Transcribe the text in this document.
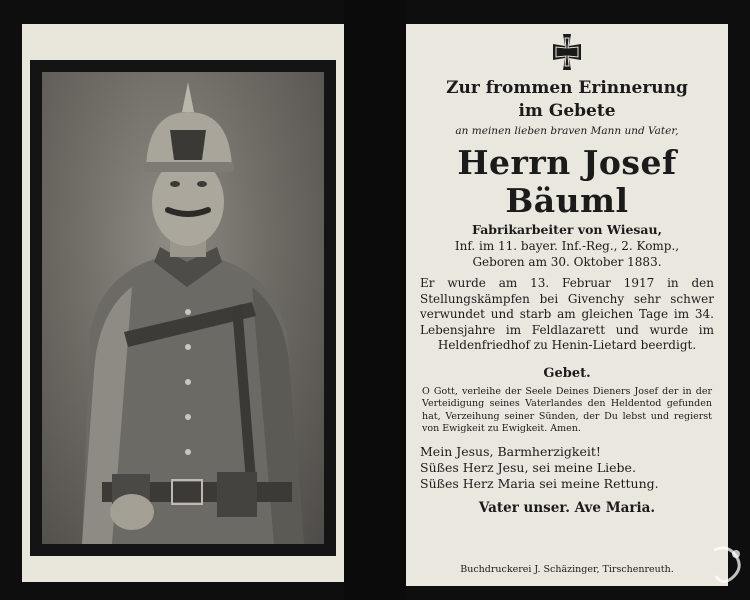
Zur frommen Erinnerung
im Gebete
an meinen lieben braven Mann und Vater,
Herrn Josef Bäuml
Fabrikarbeiter von Wiesau,
Inf. im 11. bayer. Inf.-Reg., 2. Komp.,
Geboren am 30. Oktober 1883.
Er wurde am 13. Februar 1917 in den Stellungskämpfen bei Givenchy sehr schwer verwundet und starb am gleichen Tage im 34. Lebensjahre im Feldlazarett und wurde im Heldenfriedhof zu Henin-Lietard beerdigt.
Gebet.
O Gott, verleihe der Seele Deines Dieners Josef der in der Verteidigung seines Vaterlandes den Heldentod gefunden hat, Verzeihung seiner Sünden, der Du lebst und regierst von Ewigkeit zu Ewigkeit. Amen.
Mein Jesus, Barmherzigkeit!
Süßes Herz Jesu, sei meine Liebe.
Süßes Herz Maria sei meine Rettung.
Vater unser. Ave Maria.
Buchdruckerei J. Schäzinger, Tirschenreuth.
